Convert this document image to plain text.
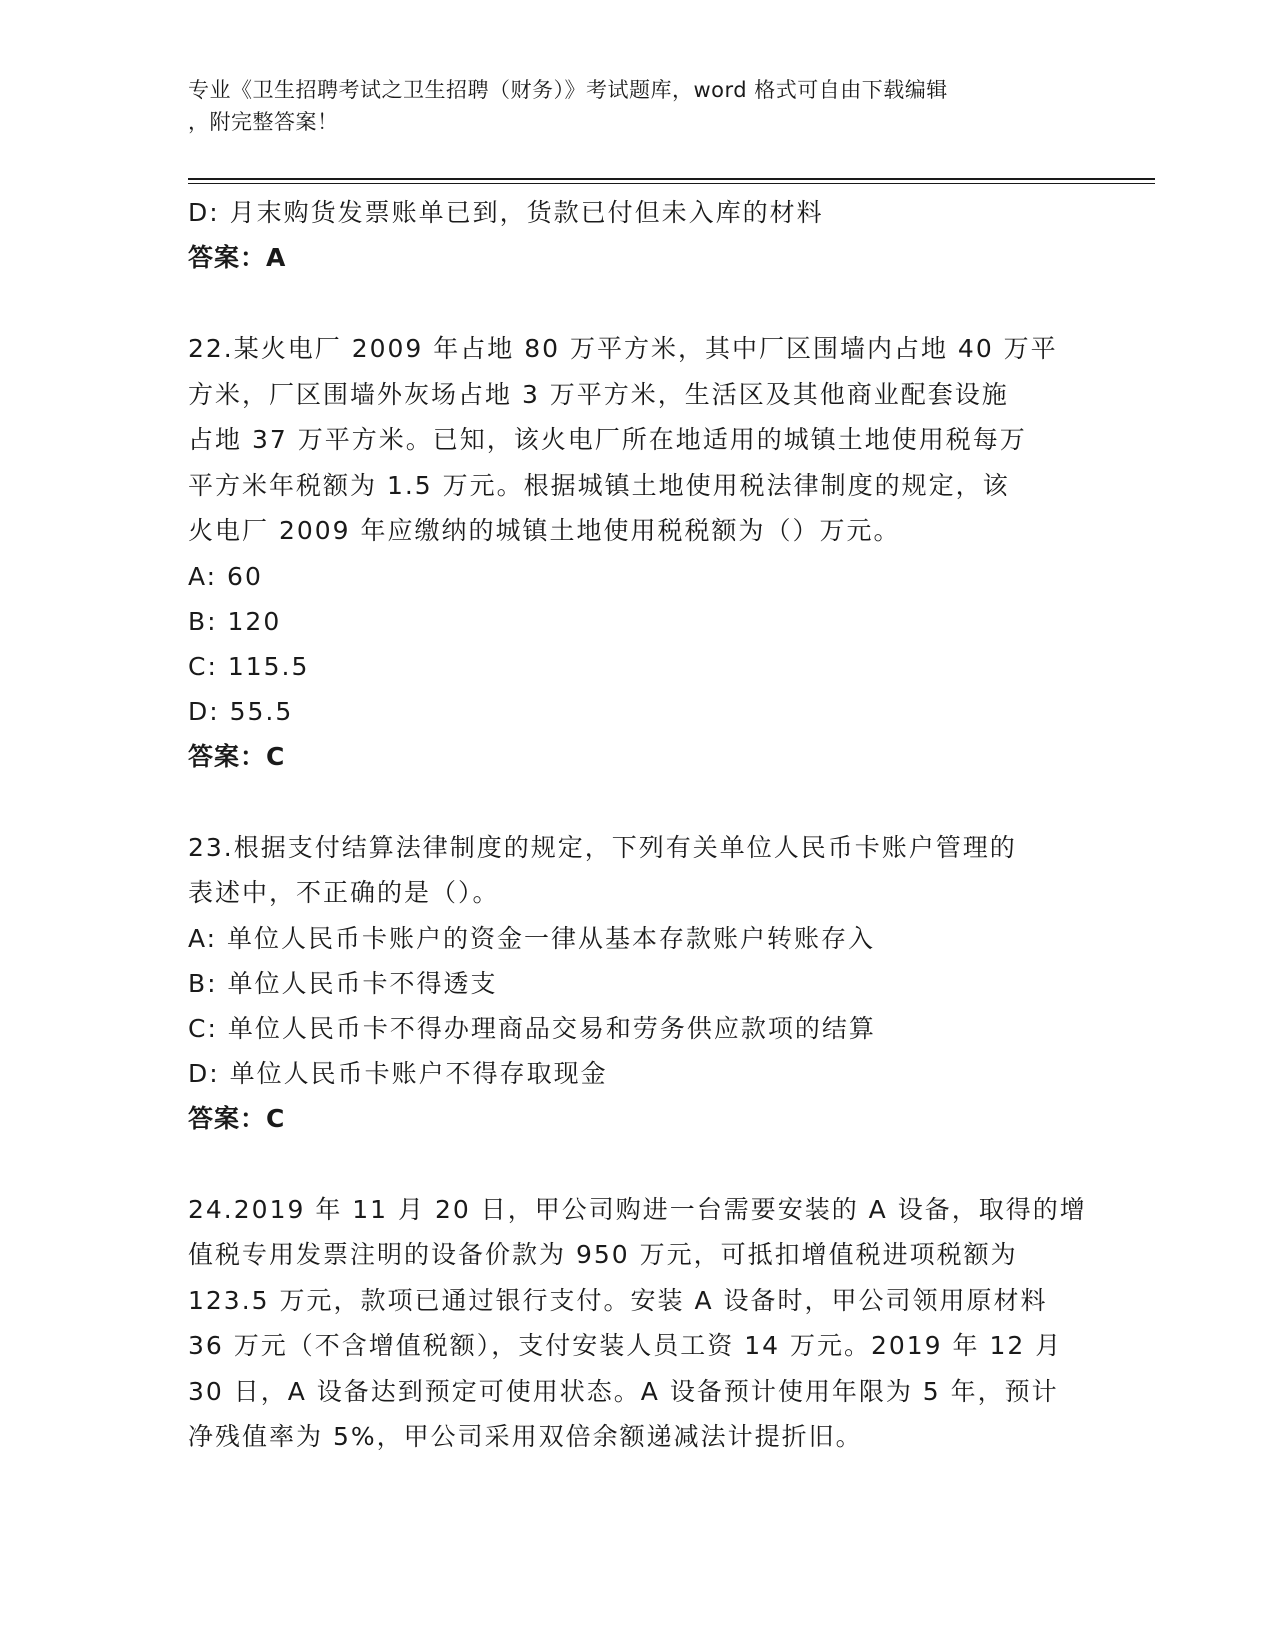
专业《卫生招聘考试之卫生招聘（财务）》考试题库，word 格式可自由下载编辑
，附完整答案！
D: 月末购货发票账单已到，货款已付但未入库的材料
答案：A
22.某火电厂 2009 年占地 80 万平方米，其中厂区围墙内占地 40 万平
方米，厂区围墙外灰场占地 3 万平方米，生活区及其他商业配套设施
占地 37 万平方米。已知，该火电厂所在地适用的城镇土地使用税每万
平方米年税额为 1.5 万元。根据城镇土地使用税法律制度的规定，该
火电厂 2009 年应缴纳的城镇土地使用税税额为（）万元。
A: 60
B: 120
C: 115.5
D: 55.5
答案：C
23.根据支付结算法律制度的规定，下列有关单位人民币卡账户管理的
表述中，不正确的是（）。
A: 单位人民币卡账户的资金一律从基本存款账户转账存入
B: 单位人民币卡不得透支
C: 单位人民币卡不得办理商品交易和劳务供应款项的结算
D: 单位人民币卡账户不得存取现金
答案：C
24.2019 年 11 月 20 日，甲公司购进一台需要安装的 A 设备，取得的增
值税专用发票注明的设备价款为 950 万元，可抵扣增值税进项税额为
123.5 万元，款项已通过银行支付。安装 A 设备时，甲公司领用原材料
36 万元（不含增值税额），支付安装人员工资 14 万元。2019 年 12 月
30 日，A 设备达到预定可使用状态。A 设备预计使用年限为 5 年，预计
净残值率为 5%，甲公司采用双倍余额递减法计提折旧。
